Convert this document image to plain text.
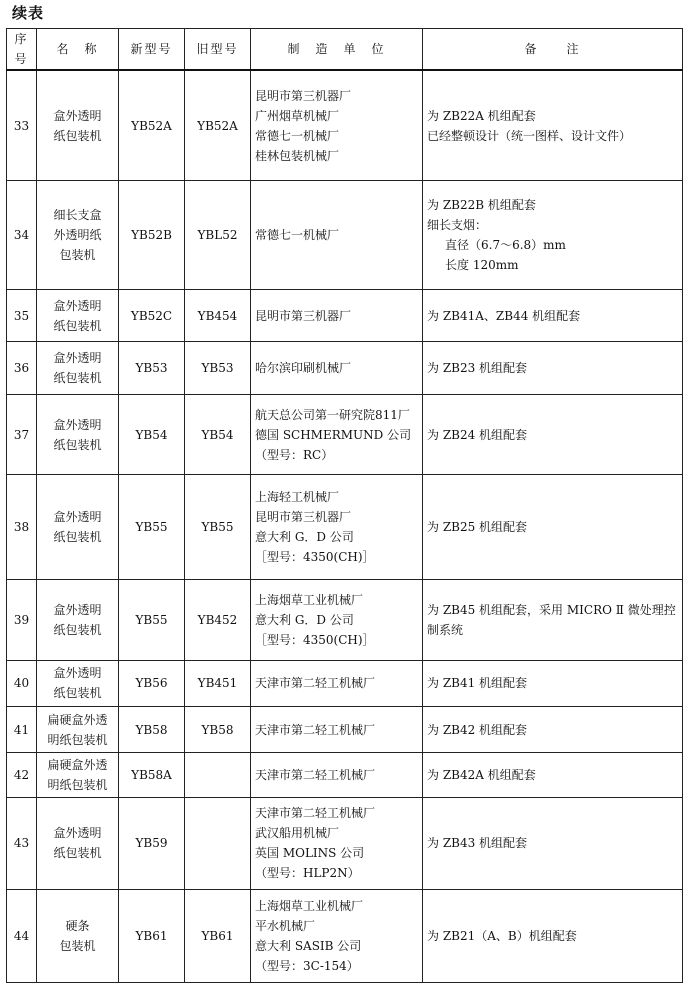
续表
序号	名　称	新型号	旧型号	制　造　单　位	备　　注
33	盒外透明
纸包装机	YB52A	YB52A	昆明市第三机器厂
广州烟草机械厂
常德七一机械厂
桂林包装机械厂	为 ZB22A 机组配套
已经整顿设计（统一图样、设计文件）

34	细长支盒
外透明纸
包装机	YB52B	YBL52	常德七一机械厂	为 ZB22B 机组配套
细长支烟：
直径（6.7～6.8）mm
长度 120mm

35	盒外透明
纸包装机	YB52C	YB454	昆明市第三机器厂	为 ZB41A、ZB44 机组配套

36	盒外透明
纸包装机	YB53	YB53	哈尔滨印刷机械厂	为 ZB23 机组配套

37	盒外透明
纸包装机	YB54	YB54	航天总公司第一研究院811厂
德国 SCHMERMUND 公司
（型号：RC）	为 ZB24 机组配套

38	盒外透明
纸包装机	YB55	YB55	上海轻工机械厂
昆明市第三机器厂
意大利 G．D 公司
［型号：4350(CH)］	为 ZB25 机组配套

39	盒外透明
纸包装机	YB55	YB452	上海烟草工业机械厂
意大利 G．D 公司
［型号：4350(CH)］	为 ZB45 机组配套，采用 MICRO Ⅱ 微处理控
制系统

40	盒外透明
纸包装机	YB56	YB451	天津市第二轻工机械厂	为 ZB41 机组配套

41	扁硬盒外透
明纸包装机	YB58	YB58	天津市第二轻工机械厂	为 ZB42 机组配套

42	扁硬盒外透
明纸包装机	YB58A		天津市第二轻工机械厂	为 ZB42A 机组配套

43	盒外透明
纸包装机	YB59		天津市第二轻工机械厂
武汉船用机械厂
英国 MOLINS 公司
（型号：HLP2N）	为 ZB43 机组配套

44	硬条
包装机	YB61	YB61	上海烟草工业机械厂
平水机械厂
意大利 SASIB 公司
（型号：3C-154）	为 ZB21（A、B）机组配套
